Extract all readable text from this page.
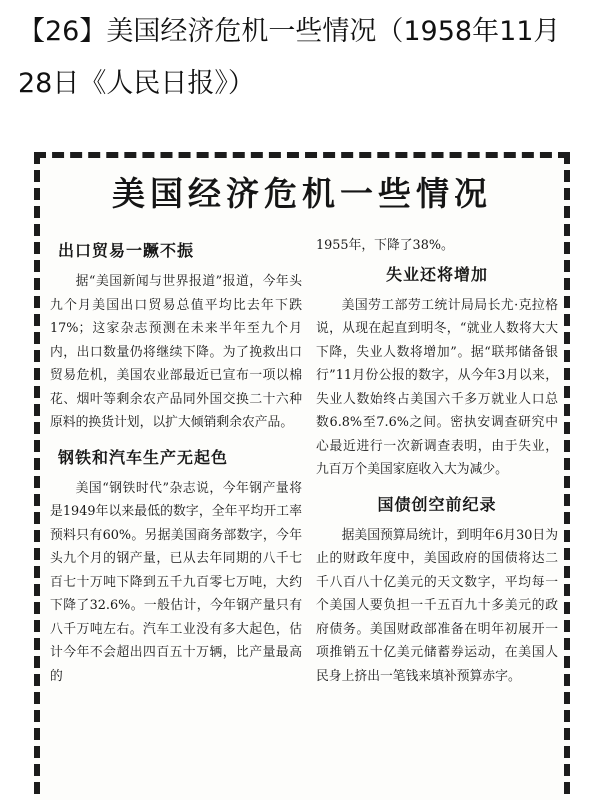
【26】美国经济危机一些情况（1958年11月28日《人民日报》）
美国经济危机一些情况
出口贸易一蹶不振

据“美国新闻与世界报道”报道，今年头九个月美国出口贸易总值平均比去年下跌17%；这家杂志预测在未来半年至九个月内，出口数量仍将继续下降。为了挽救出口贸易危机，美国农业部最近已宣布一项以棉花、烟叶等剩余农产品同外国交换二十六种原料的换货计划，以扩大倾销剩余农产品。

钢铁和汽车生产无起色

美国“钢铁时代”杂志说，今年钢产量将是1949年以来最低的数字，全年平均开工率预料只有60%。另据美国商务部数字，今年头九个月的钢产量，已从去年同期的八千七百七十万吨下降到五千九百零七万吨，大约下降了32.6%。一般估计，今年钢产量只有八千万吨左右。汽车工业没有多大起色，估计今年不会超出四百五十万辆，比产量最高的

1955年，下降了38%。

失业还将增加

美国劳工部劳工统计局局长尤·克拉格说，从现在起直到明冬，“就业人数将大大下降，失业人数将增加”。据“联邦储备银行”11月份公报的数字，从今年3月以来，失业人数始终占美国六千多万就业人口总数6.8%至7.6%之间。密执安调查研究中心最近进行一次新调查表明，由于失业，九百万个美国家庭收入大为减少。

国债创空前纪录

据美国预算局统计，到明年6月30日为止的财政年度中，美国政府的国债将达二千八百八十亿美元的天文数字，平均每一个美国人要负担一千五百九十多美元的政府债务。美国财政部准备在明年初展开一项推销五十亿美元储蓄券运动，在美国人民身上挤出一笔钱来填补预算赤字。
